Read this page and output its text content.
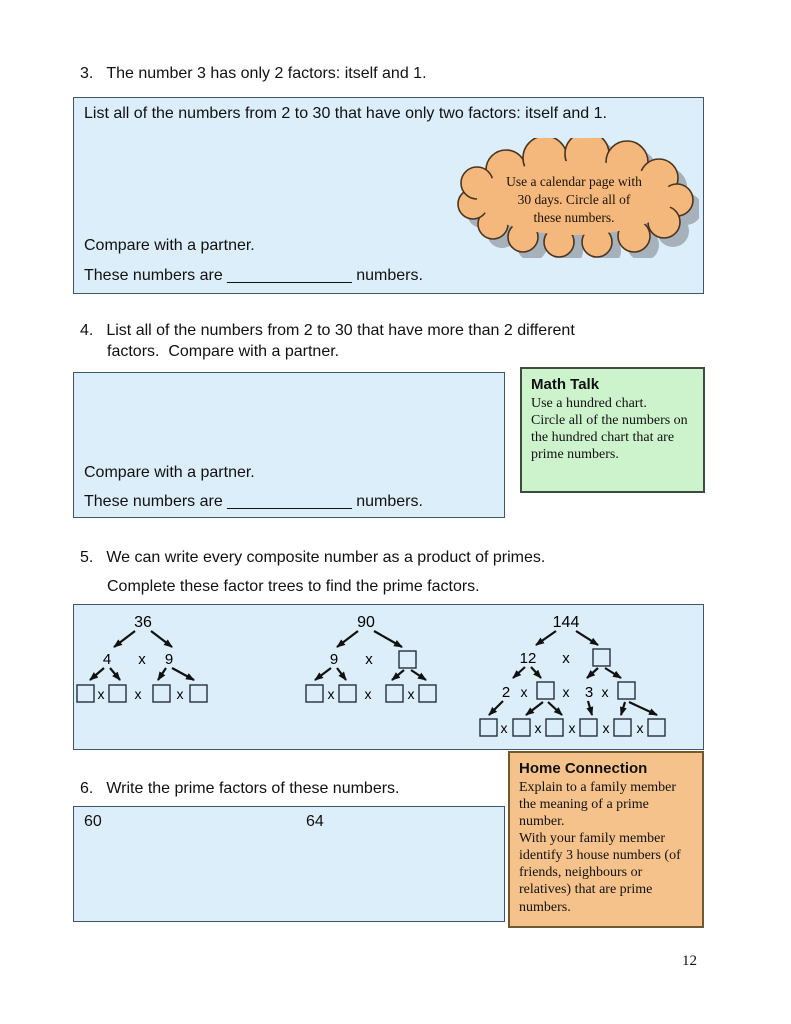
3. The number 3 has only 2 factors: itself and 1.
List all of the numbers from 2 to 30 that have only two factors: itself and 1.
Use a calendar page with
30 days. Circle all of
these numbers.
Compare with a partner.
These numbers are ______________ numbers.
4. List all of the numbers from 2 to 30 that have more than 2 different
factors.  Compare with a partner.
Compare with a partner.
These numbers are ______________ numbers.

Math Talk

Use a hundred chart.

Circle all of the numbers on the hundred chart that are prime numbers.

5. We can write every composite number as a product of primes.
Complete these factor trees to find the prime factors.
36
4 x 9
x x	x
90
9 x
x x	x
144
12 x
2 x	x 3 x
x x x x x

Home Connection

Explain to a family member the meaning of a prime number.

With your family member identify 3 house numbers (of friends, neighbours or relatives) that are prime numbers.

6. Write the prime factors of these numbers.
60	64
12
